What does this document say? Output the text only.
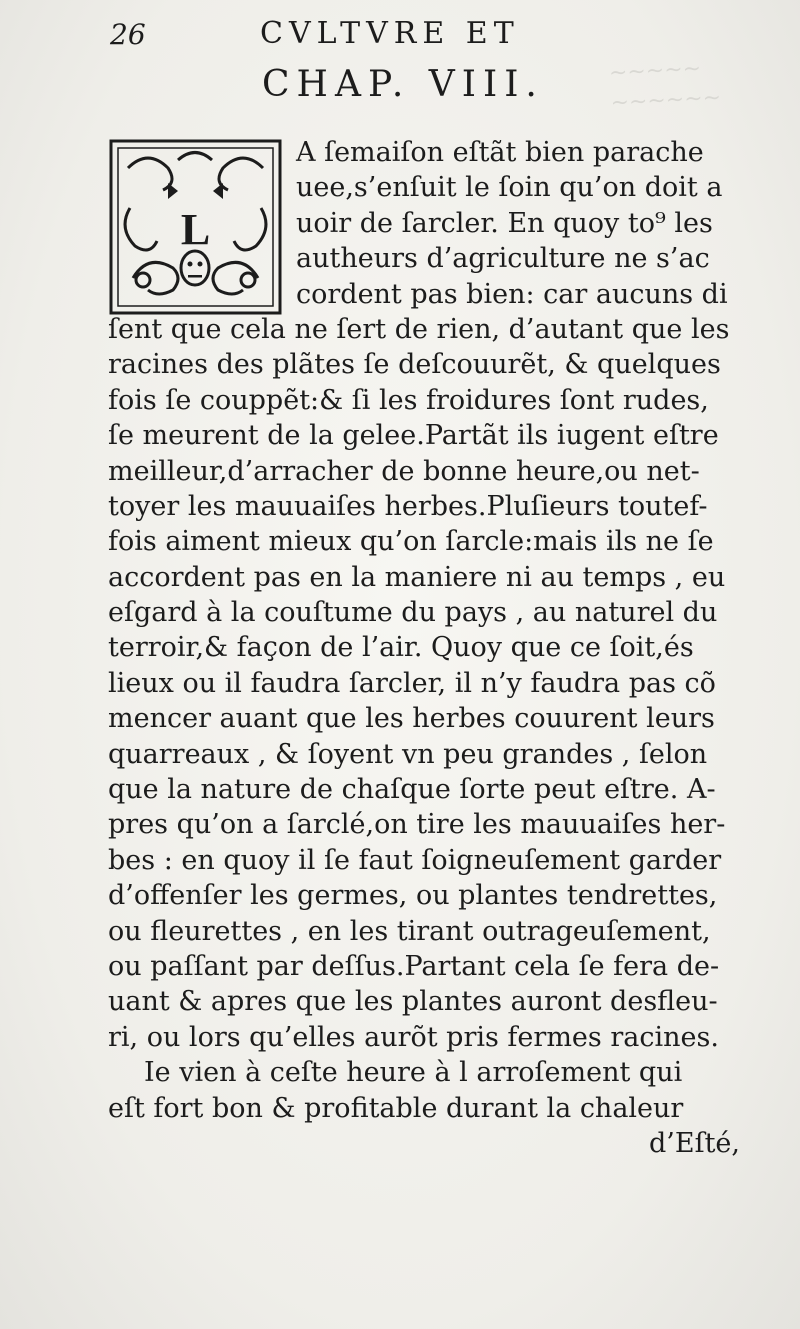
~~~~~
~~~~~~
26	CVLTVRE ET
CHAP. VIII.
L
A ſemaiſon eſtãt bien parache
uee,s’enſuit le ſoin qu’on doit a
uoir de ſarcler. En quoy to⁹ les
autheurs d’agriculture ne s’ac
cordent pas bien: car aucuns di
ſent que cela ne ſert de rien, d’autant que les
racines des plãtes ſe deſcouurẽt, & quelques
fois ſe couppẽt:& ſi les froidures ſont rudes,
ſe meurent de la gelee.Partãt ils iugent eſtre
meilleur,d’arracher de bonne heure,ou net-
toyer les mauuaiſes herbes.Pluſieurs toutef-
fois aiment mieux qu’on ſarcle:mais ils ne ſe
accordent pas en la maniere ni au temps , eu
eſgard à la couſtume du pays , au naturel du
terroir,& façon de l’air. Quoy que ce ſoit,és
lieux ou il faudra ſarcler, il n’y faudra pas cõ
mencer auant que les herbes couurent leurs
quarreaux , & ſoyent vn peu grandes , ſelon
que la nature de chaſque ſorte peut eſtre. A-
pres qu’on a ſarclé,on tire les mauuaiſes her-
bes : en quoy il ſe faut ſoigneuſement garder
d’offenſer les germes, ou plantes tendrettes,
ou fleurettes , en les tirant outrageuſement,
ou paſſant par deſſus.Partant cela ſe fera de-
uant & apres que les plantes auront desfleu-
ri, ou lors qu’elles aurõt pris fermes racines.
Ie vien à ceſte heure à l arroſement qui
eſt fort bon & profitable durant la chaleur
d’Eſté,
